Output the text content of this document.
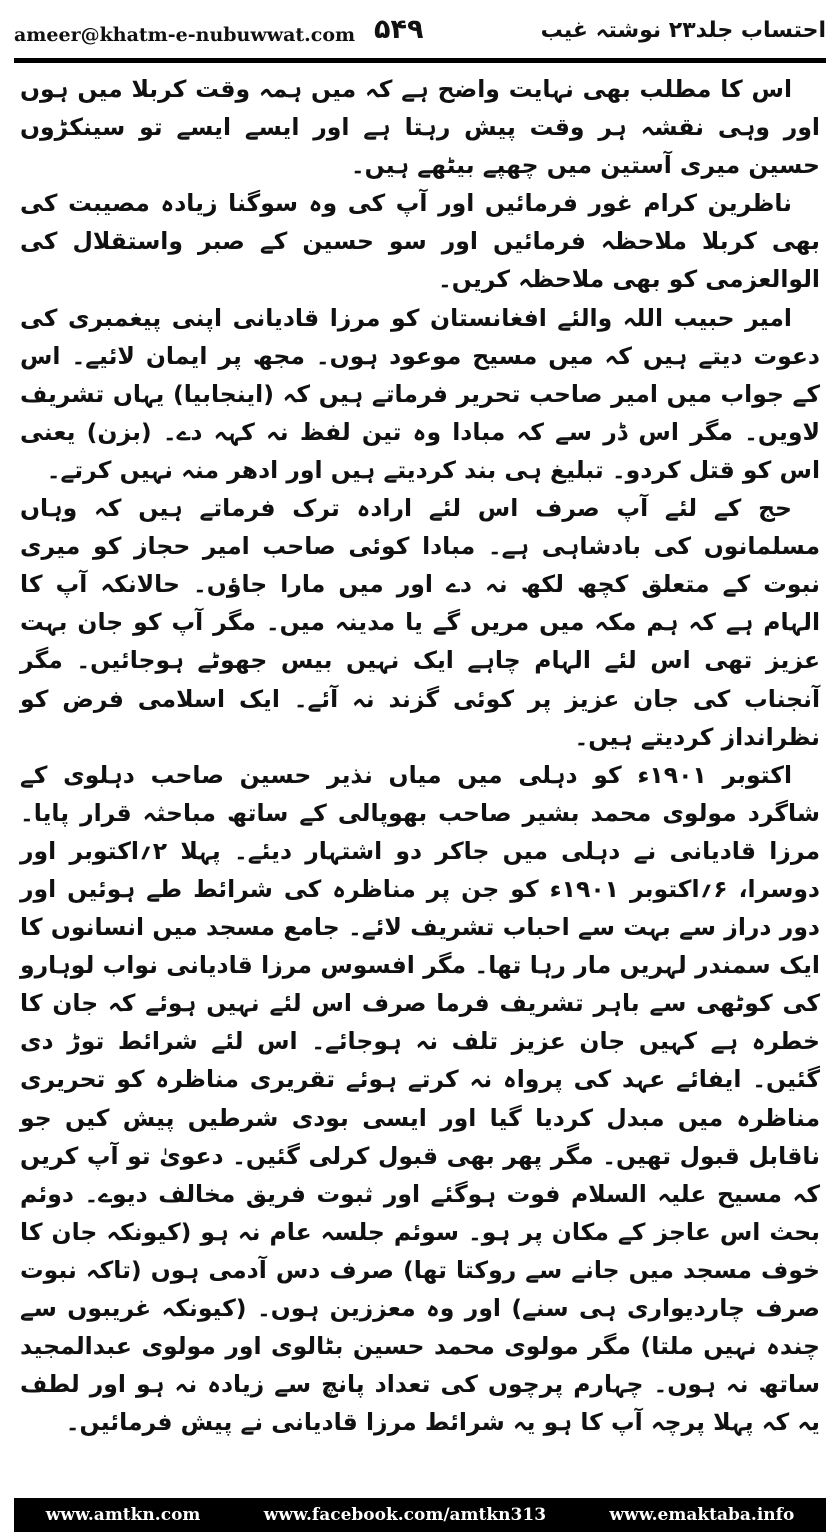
ameer@khatm-e-nubuwwat.com ۵۴۹	احتساب جلد۲۳ نوشتہ غیب

اس کا مطلب بھی نہایت واضح ہے کہ میں ہمہ وقت کربلا میں ہوں اور وہی نقشہ ہر وقت پیش رہتا ہے اور ایسے ایسے تو سینکڑوں حسین میری آستین میں چھپے بیٹھے ہیں۔

ناظرین کرام غور فرمائیں اور آپ کی وہ سوگنا زیادہ مصیبت کی بھی کربلا ملاحظہ فرمائیں اور سو حسین کے صبر واستقلال کی الوالعزمی کو بھی ملاحظہ کریں۔

امیر حبیب اللہ والئے افغانستان کو مرزا قادیانی اپنی پیغمبری کی دعوت دیتے ہیں کہ میں مسیح موعود ہوں۔ مجھ پر ایمان لائیے۔ اس کے جواب میں امیر صاحب تحریر فرماتے ہیں کہ (اینجابیا) یہاں تشریف لاویں۔ مگر اس ڈر سے کہ مبادا وہ تین لفظ نہ کہہ دے۔ (بزن) یعنی اس کو قتل کردو۔ تبلیغ ہی بند کردیتے ہیں اور ادھر منہ نہیں کرتے۔

حج کے لئے آپ صرف اس لئے ارادہ ترک فرماتے ہیں کہ وہاں مسلمانوں کی بادشاہی ہے۔ مبادا کوئی صاحب امیر حجاز کو میری نبوت کے متعلق کچھ لکھ نہ دے اور میں مارا جاؤں۔ حالانکہ آپ کا الہام ہے کہ ہم مکہ میں مریں گے یا مدینہ میں۔ مگر آپ کو جان بہت عزیز تھی اس لئے الہام چاہے ایک نہیں بیس جھوٹے ہوجائیں۔ مگر آنجناب کی جان عزیز پر کوئی گزند نہ آئے۔ ایک اسلامی فرض کو نظرانداز کردیتے ہیں۔

اکتوبر ۱۹۰۱ء کو دہلی میں میاں نذیر حسین صاحب دہلوی کے شاگرد مولوی محمد بشیر صاحب بھوپالی کے ساتھ مباحثہ قرار پایا۔ مرزا قادیانی نے دہلی میں جاکر دو اشتہار دیئے۔ پہلا ۲؍اکتوبر اور دوسرا، ۶؍اکتوبر ۱۹۰۱ء کو جن پر مناظرہ کی شرائط طے ہوئیں اور دور دراز سے بہت سے احباب تشریف لائے۔ جامع مسجد میں انسانوں کا ایک سمندر لہریں مار رہا تھا۔ مگر افسوس مرزا قادیانی نواب لوہارو کی کوٹھی سے باہر تشریف فرما صرف اس لئے نہیں ہوئے کہ جان کا خطرہ ہے کہیں جان عزیز تلف نہ ہوجائے۔ اس لئے شرائط توڑ دی گئیں۔ ایفائے عہد کی پرواہ نہ کرتے ہوئے تقریری مناظرہ کو تحریری مناظرہ میں مبدل کردیا گیا اور ایسی بودی شرطیں پیش کیں جو ناقابل قبول تھیں۔ مگر پھر بھی قبول کرلی گئیں۔ دعویٰ تو آپ کریں کہ مسیح علیہ السلام فوت ہوگئے اور ثبوت فریق مخالف دیوے۔ دوئم بحث اس عاجز کے مکان پر ہو۔ سوئم جلسہ عام نہ ہو (کیونکہ جان کا خوف مسجد میں جانے سے روکتا تھا) صرف دس آدمی ہوں (تاکہ نبوت صرف چاردیواری ہی سنے) اور وہ معززین ہوں۔ (کیونکہ غریبوں سے چندہ نہیں ملتا) مگر مولوی محمد حسین بٹالوی اور مولوی عبدالمجید ساتھ نہ ہوں۔ چہارم پرچوں کی تعداد پانچ سے زیادہ نہ ہو اور لطف یہ کہ پہلا پرچہ آپ کا ہو یہ شرائط مرزا قادیانی نے پیش فرمائیں۔

www.amtkn.com	www.facebook.com/amtkn313	www.emaktaba.info
